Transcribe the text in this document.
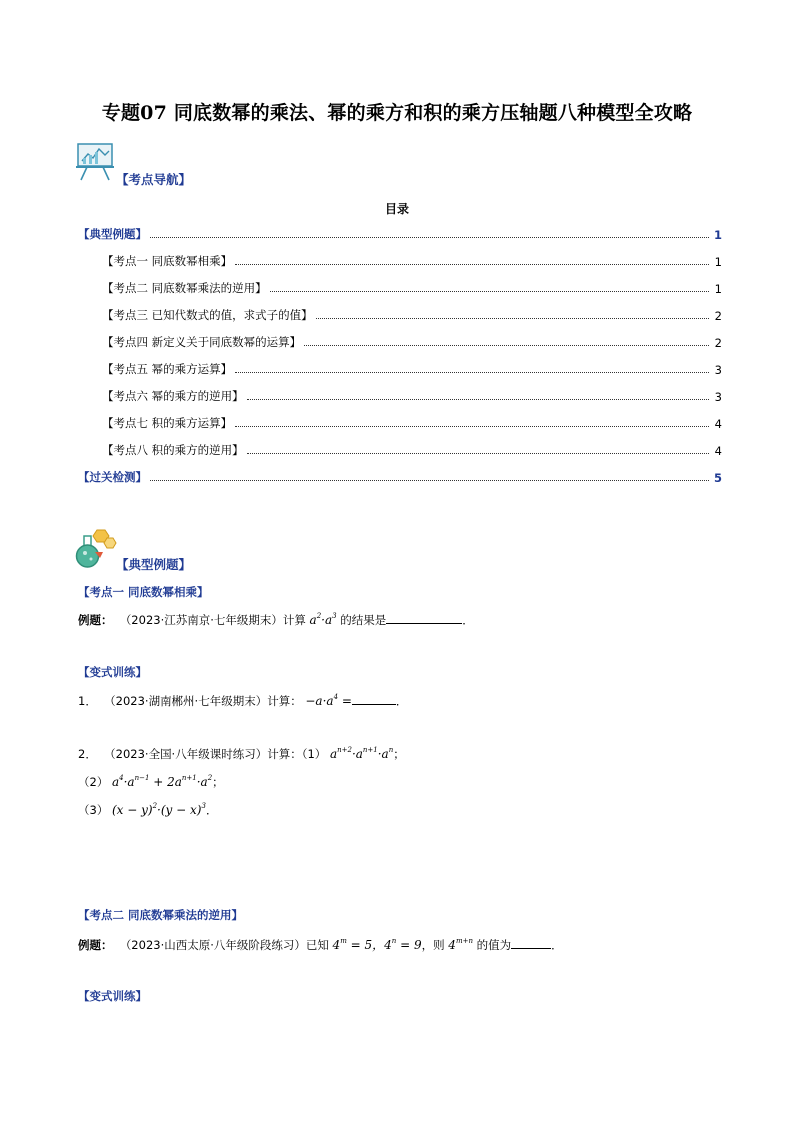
专题07 同底数幂的乘法、幂的乘方和积的乘方压轴题八种模型全攻略
【考点导航】
目录
【典型例题】	1
【考点一 同底数幂相乘】	1
【考点二 同底数幂乘法的逆用】	1
【考点三 已知代数式的值，求式子的值】	2
【考点四 新定义关于同底数幂的运算】	2
【考点五 幂的乘方运算】	3
【考点六 幂的乘方的逆用】	3
【考点七 积的乘方运算】	4
【考点八 积的乘方的逆用】	4
【过关检测】	5
【典型例题】
【考点一 同底数幂相乘】
例题： （2023·江苏南京·七年级期末）计算 $a^2\cdot a^3$ 的结果是	．
【变式训练】
1． （2023·湖南郴州·七年级期末）计算： $-a\cdot a^4$ =	．
2． （2023·全国·八年级课时练习）计算：（1） $a^{n+2}\cdot a^{n+1}\cdot a^n$；
（2） $a^4\cdot a^{n-1} + 2a^{n+1}\cdot a^2$；
（3） $(x - y)^2\cdot(y - x)^3$．
【考点二 同底数幂乘法的逆用】
例题： （2023·山西太原·八年级阶段练习）已知 $4^m = 5$，$4^n = 9$，则 $4^{m+n}$ 的值为	．
【变式训练】
